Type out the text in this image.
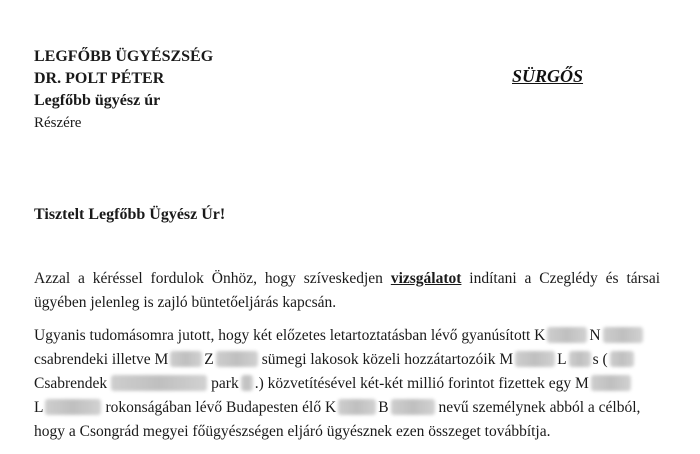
LEGFŐBB ÜGYÉSZSÉG
DR. POLT PÉTER
Legfőbb ügyész úr
Részére
SÜRGŐS
Tisztelt Legfőbb Ügyész Úr!
Azzal a kéréssel fordulok Önhöz, hogy szíveskedjen vizsgálatot indítani a Czeglédy és társai
ügyében jelenleg is zajló büntetőeljárás kapcsán.
Ugyanis tudomásomra jutott, hogy két előzetes letartoztatásban lévő gyanúsított K	N
csabrendeki illetve M Z	sümegi lakosok közeli hozzátartozóik M	L s (
Csabrendek	park .) közvetítésével két-két millió forintot fizettek egy M
L	rokonságában lévő Budapesten élő K	B	nevű személynek abból a célból,
hogy a Csongrád megyei főügyészségen eljáró ügyésznek ezen összeget továbbítja.
